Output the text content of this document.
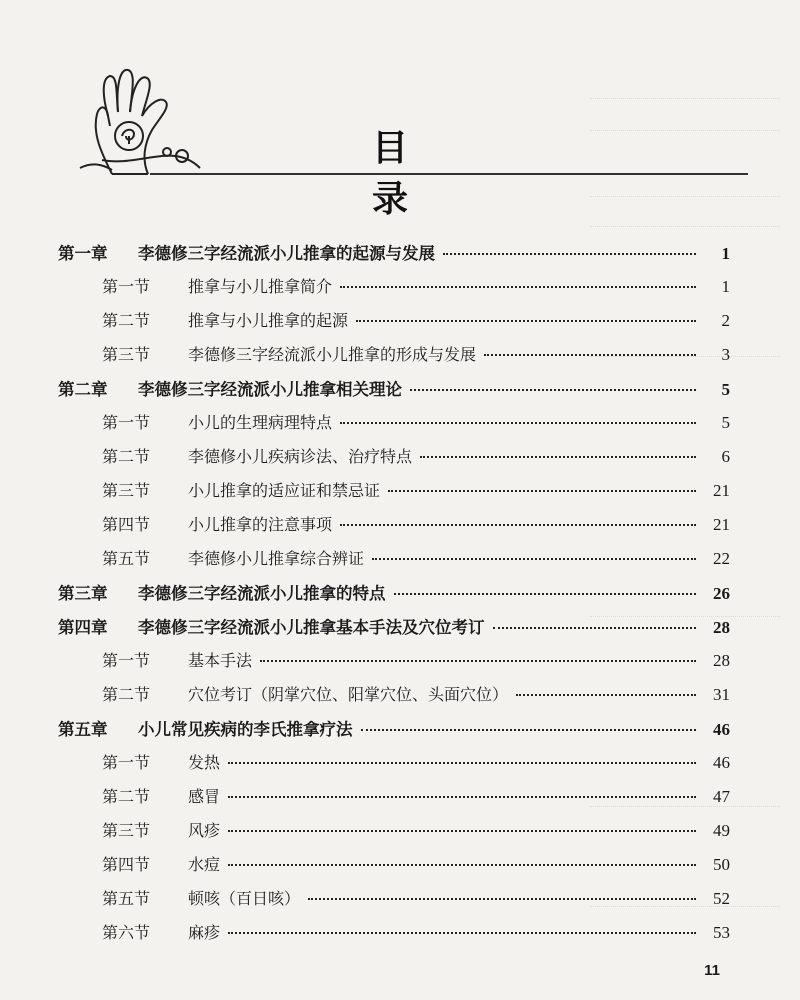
目 录
第一章	李德修三字经流派小儿推拿的起源与发展	1
第一节	推拿与小儿推拿简介	1
第二节	推拿与小儿推拿的起源	2
第三节	李德修三字经流派小儿推拿的形成与发展	3
第二章	李德修三字经流派小儿推拿相关理论	5
第一节	小儿的生理病理特点	5
第二节	李德修小儿疾病诊法、治疗特点	6
第三节	小儿推拿的适应证和禁忌证	21
第四节	小儿推拿的注意事项	21
第五节	李德修小儿推拿综合辨证	22
第三章	李德修三字经流派小儿推拿的特点	26
第四章	李德修三字经流派小儿推拿基本手法及穴位考订	28
第一节	基本手法	28
第二节	穴位考订（阴掌穴位、阳掌穴位、头面穴位）	31
第五章	小儿常见疾病的李氏推拿疗法	46
第一节	发热	46
第二节	感冒	47
第三节	风疹	49
第四节	水痘	50
第五节	顿咳（百日咳）	52
第六节	麻疹	53
11
